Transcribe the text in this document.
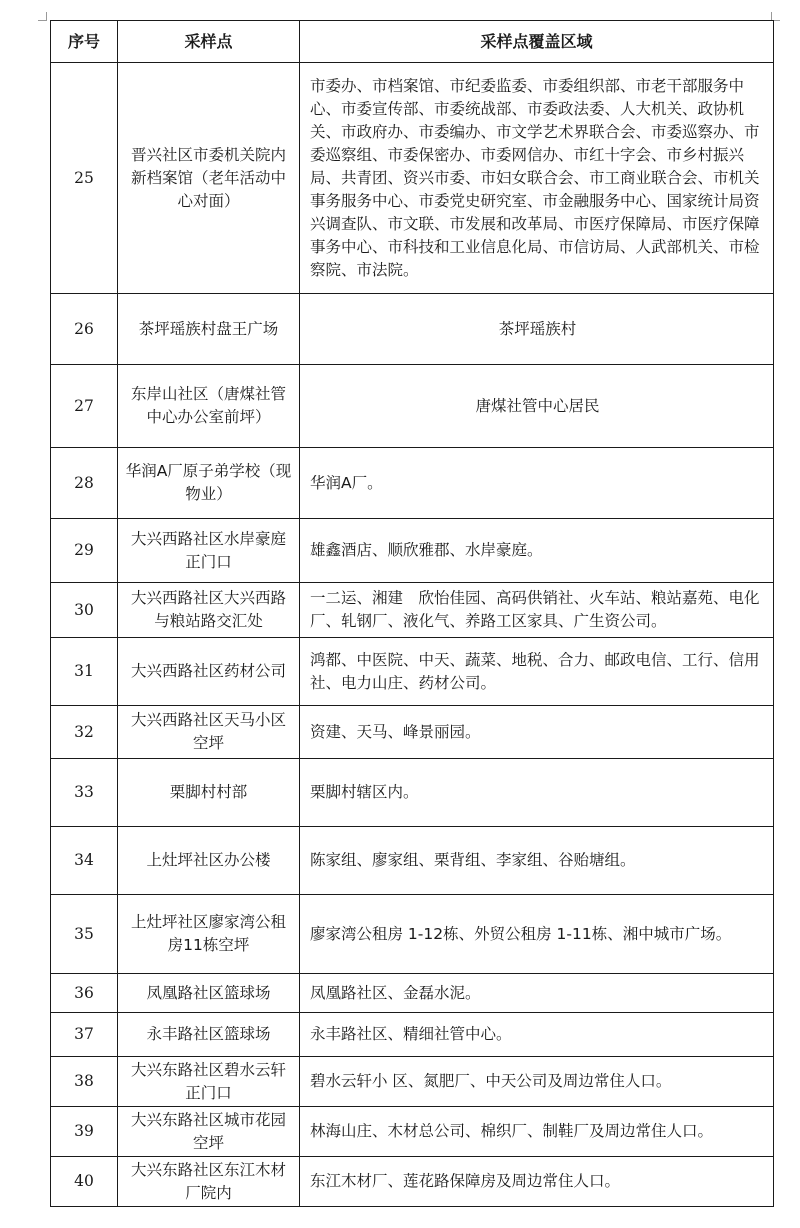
序号	采样点	采样点覆盖区域
25	晋兴社区市委机关院内新档案馆（老年活动中心对面）	市委办、市档案馆、市纪委监委、市委组织部、市老干部服务中心、市委宣传部、市委统战部、市委政法委、人大机关、政协机关、市政府办、市委编办、市文学艺术界联合会、市委巡察办、市委巡察组、市委保密办、市委网信办、市红十字会、市乡村振兴局、共青团、资兴市委、市妇女联合会、市工商业联合会、市机关事务服务中心、市委党史研究室、市金融服务中心、国家统计局资兴调查队、市文联、市发展和改革局、市医疗保障局、市医疗保障事务中心、市科技和工业信息化局、市信访局、人武部机关、市检察院、市法院。
26	茶坪瑶族村盘王广场	茶坪瑶族村
27	东岸山社区（唐煤社管中心办公室前坪）	唐煤社管中心居民
28	华润A厂原子弟学校（现物业）	华润A厂。
29	大兴西路社区水岸豪庭正门口	雄鑫酒店、顺欣雅郡、水岸豪庭。
30	大兴西路社区大兴西路与粮站路交汇处	一二运、湘建　欣怡佳园、高码供销社、火车站、粮站嘉苑、电化厂、轧钢厂、液化气、养路工区家具、广生资公司。
31	大兴西路社区药材公司	鸿都、中医院、中天、蔬菜、地税、合力、邮政电信、工行、信用社、电力山庄、药材公司。
32	大兴西路社区天马小区空坪	资建、天马、峰景丽园。
33	栗脚村村部	栗脚村辖区内。
34	上灶坪社区办公楼	陈家组、廖家组、栗背组、李家组、谷贻塘组。
35	上灶坪社区廖家湾公租房11栋空坪	廖家湾公租房 1-12栋、外贸公租房 1-11栋、湘中城市广场。
36	凤凰路社区篮球场	凤凰路社区、金磊水泥。
37	永丰路社区篮球场	永丰路社区、精细社管中心。
38	大兴东路社区碧水云轩正门口	碧水云轩小 区、氮肥厂、中天公司及周边常住人口。
39	大兴东路社区城市花园空坪	林海山庄、木材总公司、棉织厂、制鞋厂及周边常住人口。
40	大兴东路社区东江木材厂院内	东江木材厂、莲花路保障房及周边常住人口。
